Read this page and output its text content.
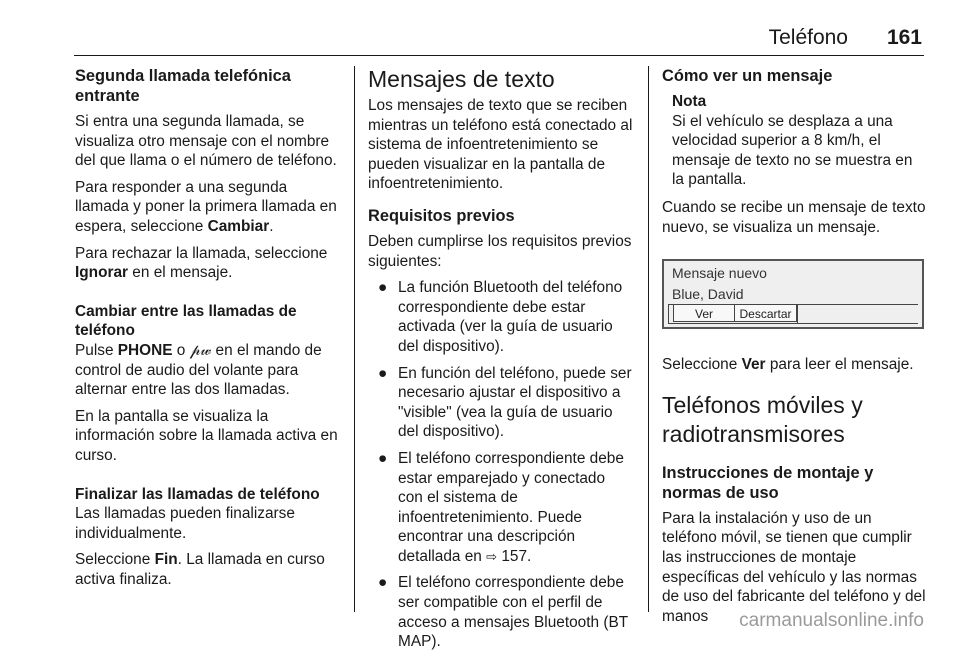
Teléfono 161
Segunda llamada telefónica entrante

Si entra una segunda llamada, se visualiza otro mensaje con el nombre del que llama o el número de teléfono.

Para responder a una segunda llamada y poner la primera llamada en espera, seleccione Cambiar.

Para rechazar la llamada, seleccione Ignorar en el mensaje.

Cambiar entre las llamadas de teléfono

Pulse PHONE o 𝓅𝓌 en el mando de control de audio del volante para alternar entre las dos llamadas.

En la pantalla se visualiza la información sobre la llamada activa en curso.

Finalizar las llamadas de teléfono

Las llamadas pueden finalizarse individualmente.

Seleccione Fin. La llamada en curso activa finaliza.

Mensajes de texto

Los mensajes de texto que se reciben mientras un teléfono está conectado al sistema de infoentretenimiento se pueden visualizar en la pantalla de infoentretenimiento.

Requisitos previos

Deben cumplirse los requisitos previos siguientes:

● La función Bluetooth del teléfono correspondiente debe estar activada (ver la guía de usuario del dispositivo).
● En función del teléfono, puede ser necesario ajustar el dispositivo a "visible" (vea la guía de usuario del dispositivo).
● El teléfono correspondiente debe estar emparejado y conectado con el sistema de infoentretenimiento. Puede encontrar una descripción detallada en ⇨ 157.
● El teléfono correspondiente debe ser compatible con el perfil de acceso a mensajes Bluetooth (BT MAP).
Cómo ver un mensaje
Nota
Si el vehículo se desplaza a una velocidad superior a 8 km/h, el mensaje de texto no se muestra en la pantalla.

Cuando se recibe un mensaje de texto nuevo, se visualiza un mensaje.

Mensaje nuevo
Blue, David
Ver	Descartar

Seleccione Ver para leer el mensaje.

Teléfonos móviles y radiotransmisores
Instrucciones de montaje y normas de uso

Para la instalación y uso de un teléfono móvil, se tienen que cumplir las instrucciones de montaje específicas del vehículo y las normas de uso del fabricante del teléfono y del manos	carmanualsonline.info
